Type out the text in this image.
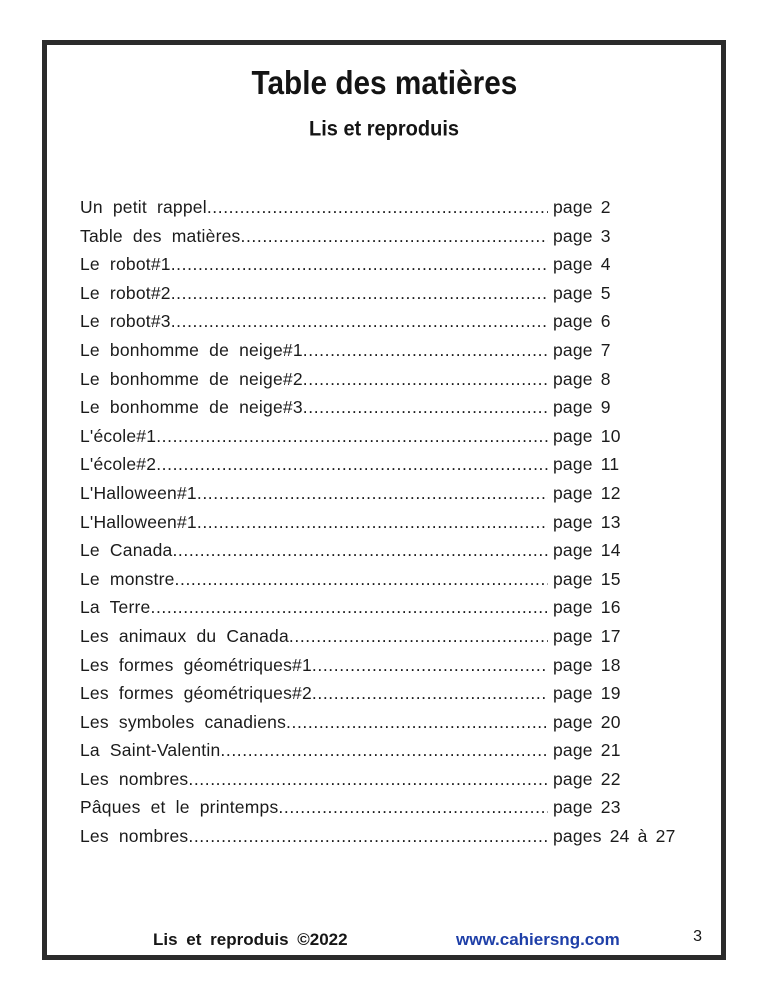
Table des matières
Lis et reproduis
Un petit rappel .....	page 2
Table des matières .....	page 3
Le robot#1 .....	page 4
Le robot#2 .....	page 5
Le robot#3 .....	page 6
Le bonhomme de neige#1 .....	page 7
Le bonhomme de neige#2 .....	page 8
Le bonhomme de neige#3 .....	page 9
L'école#1 .....	page 10
L'école#2 .....	page 11
L'Halloween#1 .....	page 12
L'Halloween#1 .....	page 13
Le Canada .....	page 14
Le monstre .....	page 15
La Terre .....	page 16
Les animaux du Canada .....	page 17
Les formes géométriques#1 .....	page 18
Les formes géométriques#2 .....	page 19
Les symboles canadiens .....	page 20
La Saint-Valentin .....	page 21
Les nombres .....	page 22
Pâques et le printemps .....	page 23
Les nombres .....	pages 24 à 27
Lis et reproduis ©2022	www.cahiersng.com	3
